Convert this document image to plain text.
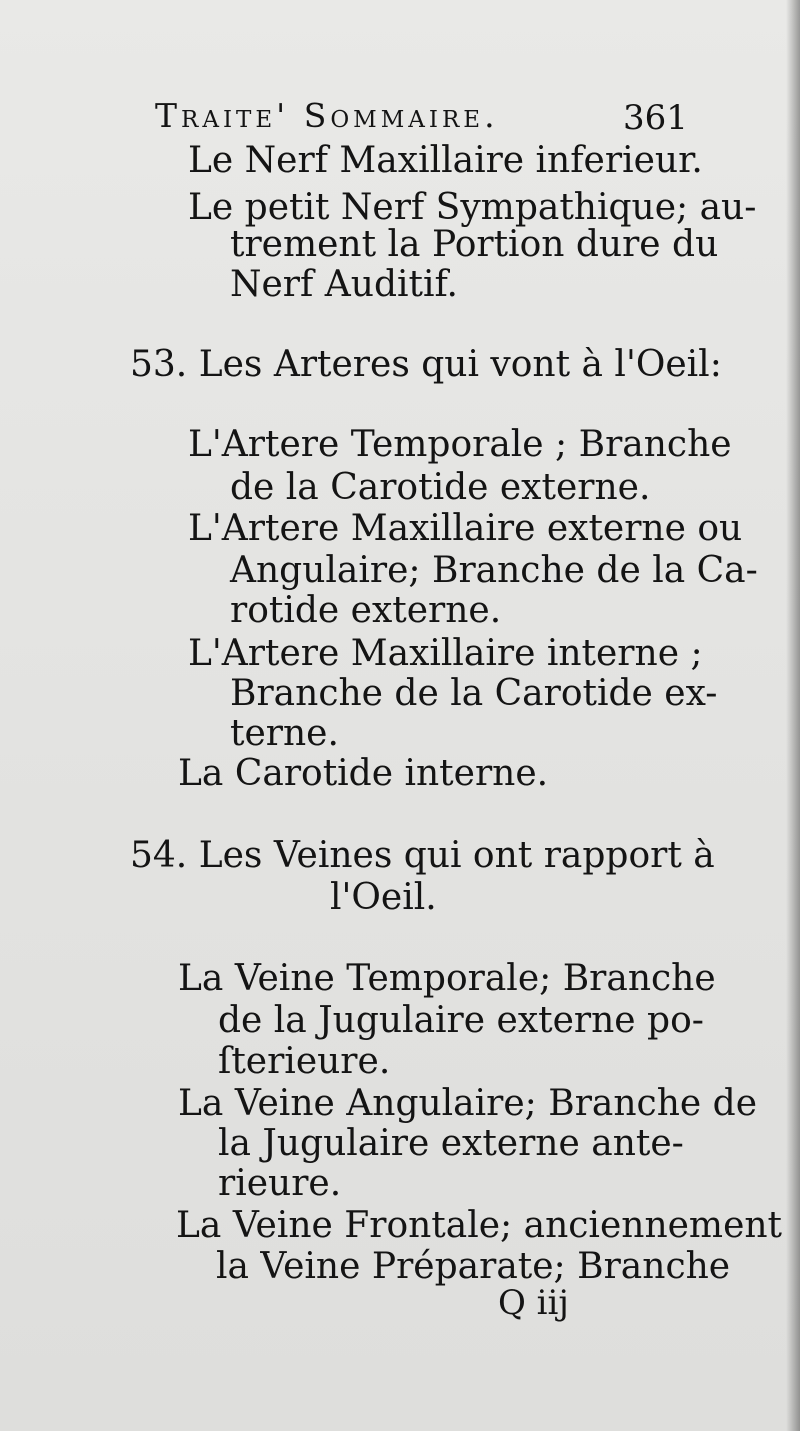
Traite' Sommaire.	361
Le Nerf Maxillaire inferieur.
Le petit Nerf Sympathique; au-
trement la Portion dure du
Nerf Auditif.
53. Les Arteres qui vont à l'Oeil:
L'Artere Temporale ; Branche
de la Carotide externe.
L'Artere Maxillaire externe ou
Angulaire; Branche de la Ca-
rotide externe.
L'Artere Maxillaire interne ;
Branche de la Carotide ex-
terne.
La Carotide interne.
54. Les Veines qui ont rapport à
l'Oeil.
La Veine Temporale; Branche
de la Jugulaire externe po-
ſterieure.
La Veine Angulaire; Branche de
la Jugulaire externe ante-
rieure.
La Veine Frontale; anciennement
la Veine Préparate; Branche
Q iij
